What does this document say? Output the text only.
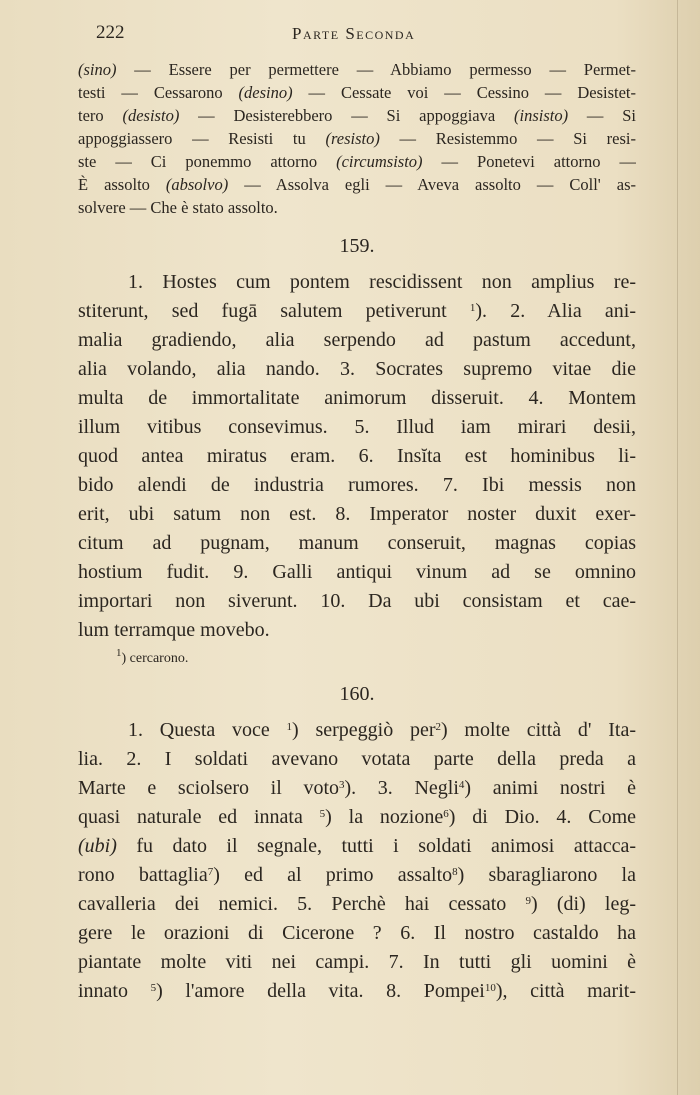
222	Parte Seconda
(sino) — Essere per permettere — Abbiamo permesso — Permet-
testi — Cessarono (desino) — Cessate voi — Cessino — Desistet-
tero (desisto) — Desisterebbero — Si appoggiava (insisto) — Si
appoggiassero — Resisti tu (resisto) — Resistemmo — Si resi-
ste — Ci ponemmo attorno (circumsisto) — Ponetevi attorno —
È assolto (absolvo) — Assolva egli — Aveva assolto — Coll' as-
solvere — Che è stato assolto.
159.
1. Hostes cum pontem rescidissent non amplius re-
stiterunt, sed fugā salutem petiverunt $^1$). 2. Alia ani-
malia gradiendo, alia serpendo ad pastum accedunt,
alia volando, alia nando. 3. Socrates supremo vitae die
multa de immortalitate animorum disseruit. 4. Montem
illum vitibus consevimus. 5. Illud iam mirari desii,
quod antea miratus eram. 6. Insĭta est hominibus li-
bido alendi de industria rumores. 7. Ibi messis non
erit, ubi satum non est. 8. Imperator noster duxit exer-
citum ad pugnam, manum conseruit, magnas copias
hostium fudit. 9. Galli antiqui vinum ad se omnino
importari non siverunt. 10. Da ubi consistam et cae-
lum terramque movebo.
$^1$) cercarono.
160.
1. Questa voce $^1$) serpeggiò per$^2$) molte città d' Ita-
lia. 2. I soldati avevano votata parte della preda a
Marte e sciolsero il voto$^3$). 3. Negli$^4$) animi nostri è
quasi naturale ed innata $^5$) la nozione$^6$) di Dio. 4. Come
(ubi) fu dato il segnale, tutti i soldati animosi attacca-
rono battaglia$^7$) ed al primo assalto$^8$) sbaragliarono la
cavalleria dei nemici. 5. Perchè hai cessato $^9$) (di) leg-
gere le orazioni di Cicerone ? 6. Il nostro castaldo ha
piantate molte viti nei campi. 7. In tutti gli uomini è
innato $^5$) l'amore della vita. 8. Pompei$^{10}$), città marit-
